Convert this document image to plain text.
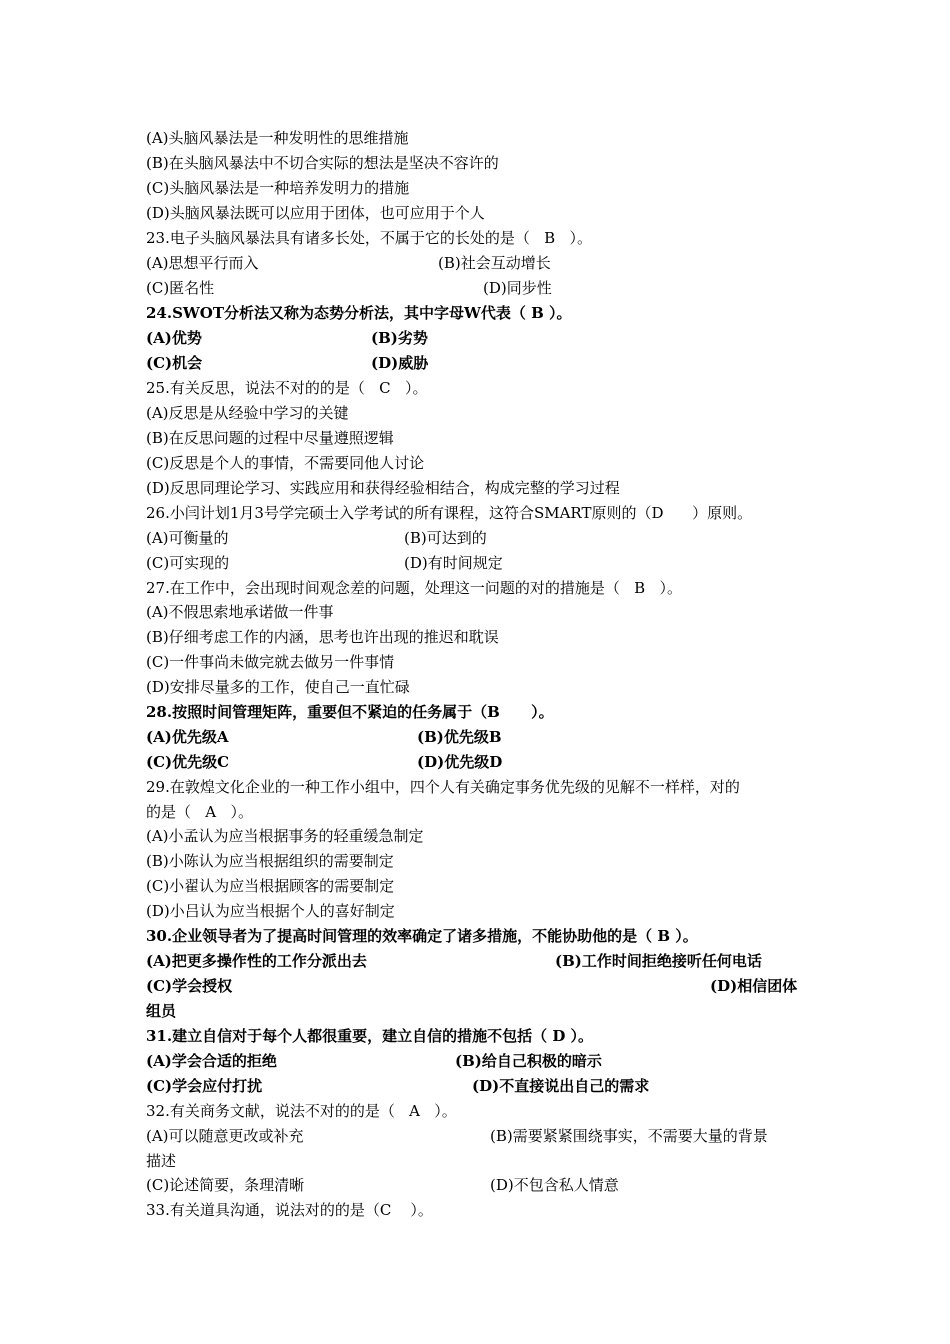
(A)头脑风暴法是一种发明性的思维措施
(B)在头脑风暴法中不切合实际的想法是坚决不容许的
(C)头脑风暴法是一种培养发明力的措施
(D)头脑风暴法既可以应用于团体，也可应用于个人
23.电子头脑风暴法具有诸多长处，不属于它的长处的是（   B   ）。
(A)思想平行而入	(B)社会互动增长
(C)匿名性	(D)同步性
24.SWOT分析法又称为态势分析法，其中字母W代表（ B ）。
(A)优势	(B)劣势
(C)机会	(D)威胁
25.有关反思，说法不对的的是（   C   ）。
(A)反思是从经验中学习的关键
(B)在反思问题的过程中尽量遵照逻辑
(C)反思是个人的事情，不需要同他人讨论
(D)反思同理论学习、实践应用和获得经验相结合，构成完整的学习过程
26.小闫计划1月3号学完硕士入学考试的所有课程，这符合SMART原则的（D      ）原则。
(A)可衡量的	(B)可达到的
(C)可实现的	(D)有时间规定
27.在工作中，会出现时间观念差的问题，处理这一问题的对的措施是（   B   ）。
(A)不假思索地承诺做一件事
(B)仔细考虑工作的内涵，思考也许出现的推迟和耽误
(C)一件事尚未做完就去做另一件事情
(D)安排尽量多的工作，使自己一直忙碌
28.按照时间管理矩阵，重要但不紧迫的任务属于（B      ）。
(A)优先级A	(B)优先级B
(C)优先级C	(D)优先级D
29.在敦煌文化企业的一种工作小组中，四个人有关确定事务优先级的见解不一样样，对的
的是（   A   ）。
(A)小孟认为应当根据事务的轻重缓急制定
(B)小陈认为应当根据组织的需要制定
(C)小翟认为应当根据顾客的需要制定
(D)小吕认为应当根据个人的喜好制定
30.企业领导者为了提高时间管理的效率确定了诸多措施，不能协助他的是（ B ）。
(A)把更多操作性的工作分派出去	(B)工作时间拒绝接听任何电话
(C)学会授权	(D)相信团体
组员
31.建立自信对于每个人都很重要，建立自信的措施不包括（ D ）。
(A)学会合适的拒绝	(B)给自己积极的暗示
(C)学会应付打扰	(D)不直接说出自己的需求
32.有关商务文献，说法不对的的是（   A   ）。
(A)可以随意更改或补充	(B)需要紧紧围绕事实，不需要大量的背景
描述
(C)论述简要，条理清晰	(D)不包含私人情意
33.有关道具沟通，说法对的的是（C    ）。
